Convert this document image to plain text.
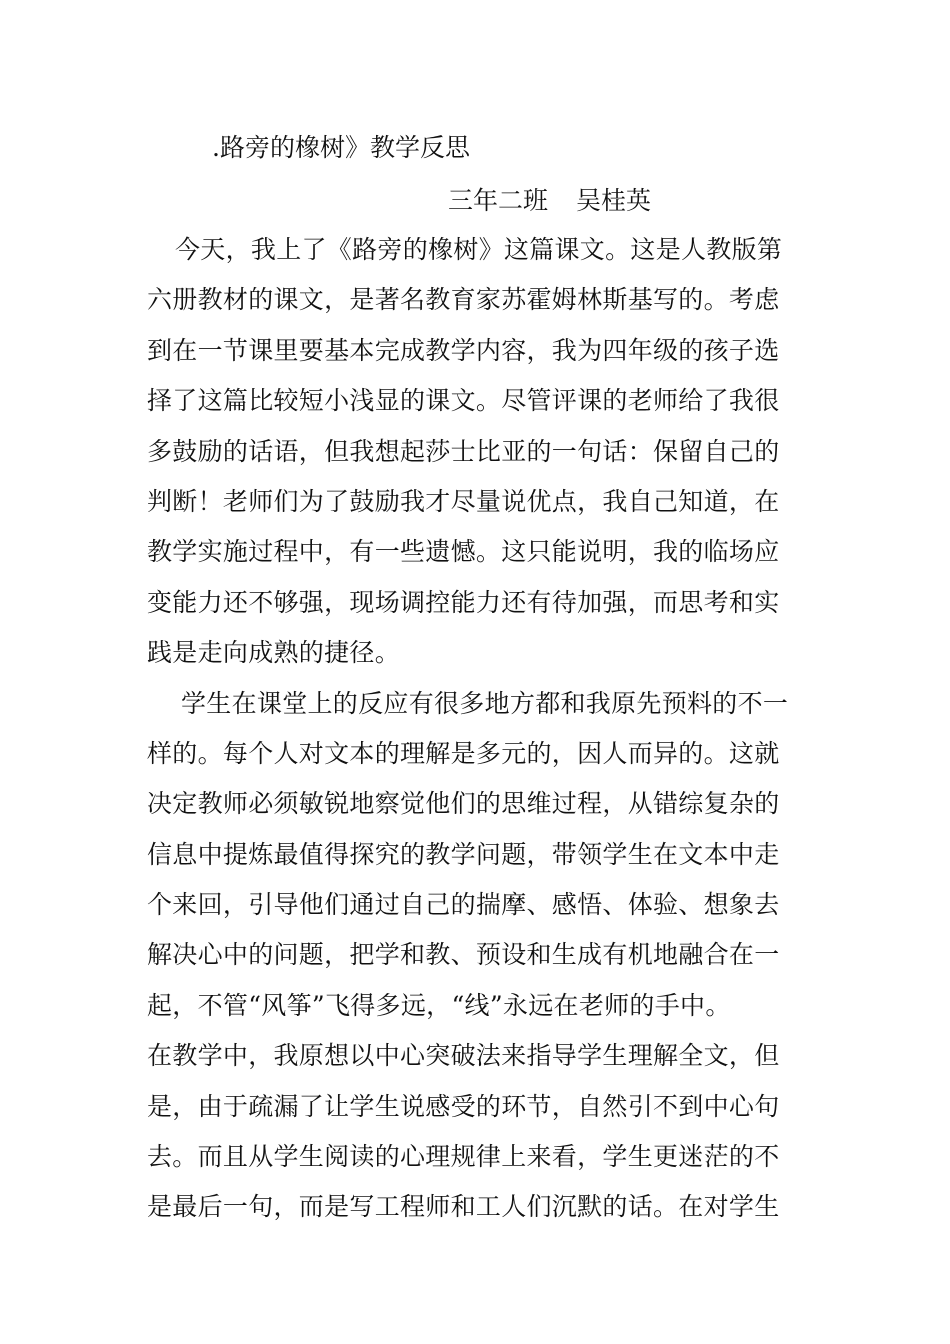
.路旁的橡树》教学反思
三年二班 吴桂英
今天，我上了《路旁的橡树》这篇课文。这是人教版第
六册教材的课文，是著名教育家苏霍姆林斯基写的。考虑
到在一节课里要基本完成教学内容，我为四年级的孩子选
择了这篇比较短小浅显的课文。尽管评课的老师给了我很
多鼓励的话语，但我想起莎士比亚的一句话：保留自己的
判断！老师们为了鼓励我才尽量说优点，我自己知道，在
教学实施过程中，有一些遗憾。这只能说明，我的临场应
变能力还不够强，现场调控能力还有待加强，而思考和实
践是走向成熟的捷径。
学生在课堂上的反应有很多地方都和我原先预料的不一
样的。每个人对文本的理解是多元的，因人而异的。这就
决定教师必须敏锐地察觉他们的思维过程，从错综复杂的
信息中提炼最值得探究的教学问题，带领学生在文本中走
个来回，引导他们通过自己的揣摩、感悟、体验、想象去
解决心中的问题，把学和教、预设和生成有机地融合在一
起，不管“风筝”飞得多远，“线”永远在老师的手中。
在教学中，我原想以中心突破法来指导学生理解全文，但
是，由于疏漏了让学生说感受的环节，自然引不到中心句
去。而且从学生阅读的心理规律上来看，学生更迷茫的不
是最后一句，而是写工程师和工人们沉默的话。在对学生
